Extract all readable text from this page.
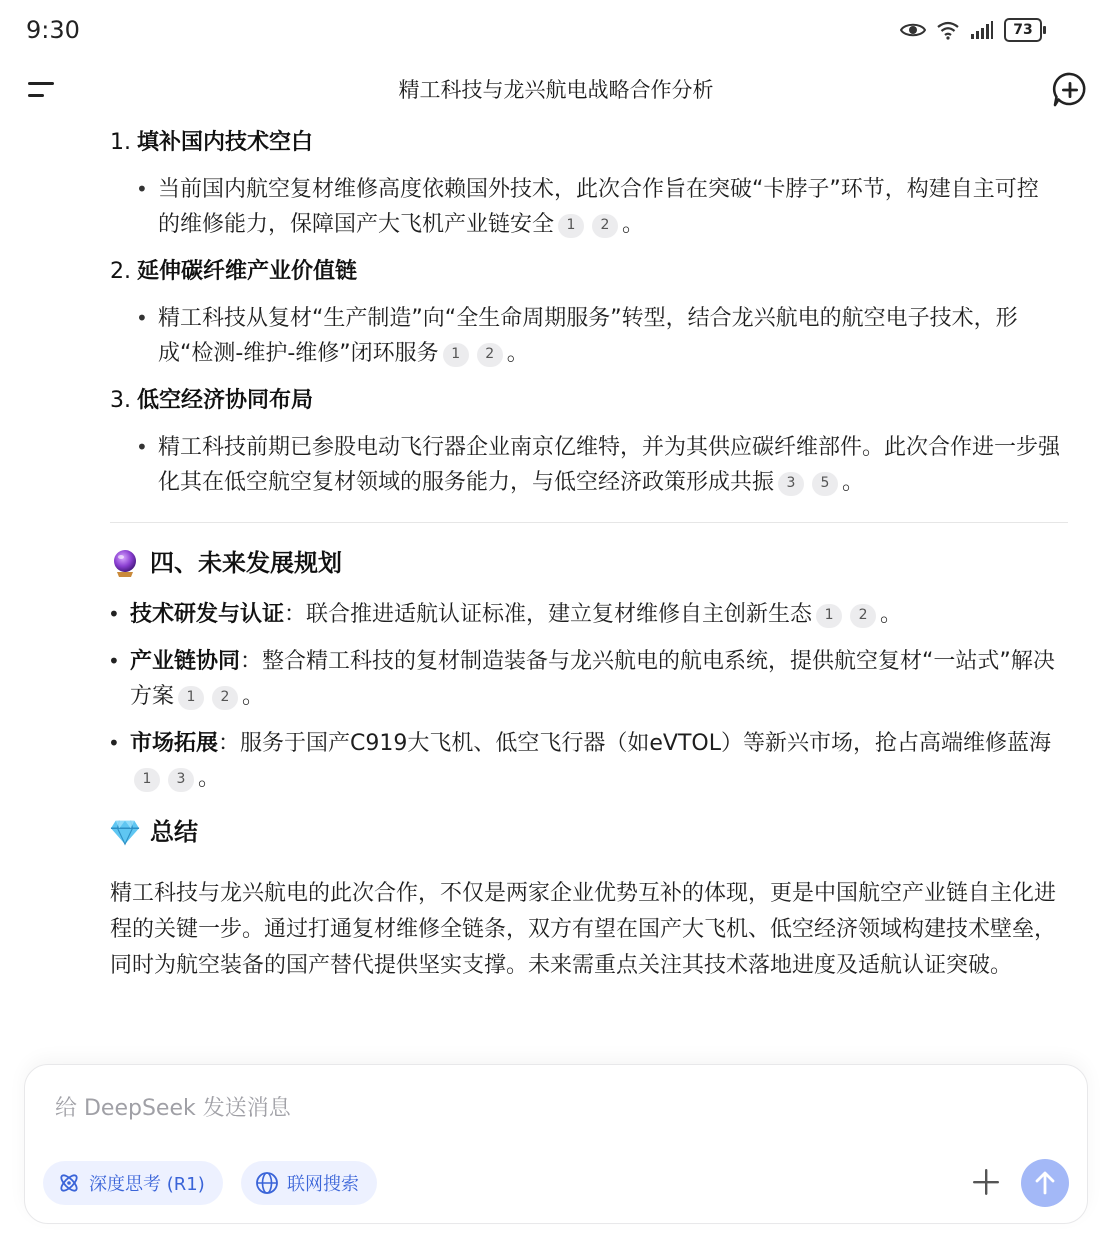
9:30	73
精工科技与龙兴航电战略合作分析
1. 填补国内技术空白
• 当前国内航空复材维修高度依赖国外技术，此次合作旨在突破“卡脖子”环节，构建自主可控的维修能力，保障国产大飞机产业链安全 1 2 。
2. 延伸碳纤维产业价值链
• 精工科技从复材“生产制造”向“全生命周期服务”转型，结合龙兴航电的航空电子技术，形成“检测-维护-维修”闭环服务 1 2 。
3. 低空经济协同布局
• 精工科技前期已参股电动飞行器企业南京亿维特，并为其供应碳纤维部件。此次合作进一步强化其在低空航空复材领域的服务能力，与低空经济政策形成共振 3 5 。
四、未来发展规划
• 技术研发与认证：联合推进适航认证标准，建立复材维修自主创新生态 1 2 。
• 产业链协同：整合精工科技的复材制造装备与龙兴航电的航电系统，提供航空复材“一站式”解决方案 1 2 。
• 市场拓展：服务于国产C919大飞机、低空飞行器（如eVTOL）等新兴市场，抢占高端维修蓝海1 3 。
总结
精工科技与龙兴航电的此次合作，不仅是两家企业优势互补的体现，更是中国航空产业链自主化进程的关键一步。通过打通复材维修全链条，双方有望在国产大飞机、低空经济领域构建技术壁垒，同时为航空装备的国产替代提供坚实支撑。未来需重点关注其技术落地进度及适航认证突破。
给 DeepSeek 发送消息
深度思考 (R1)	联网搜索
